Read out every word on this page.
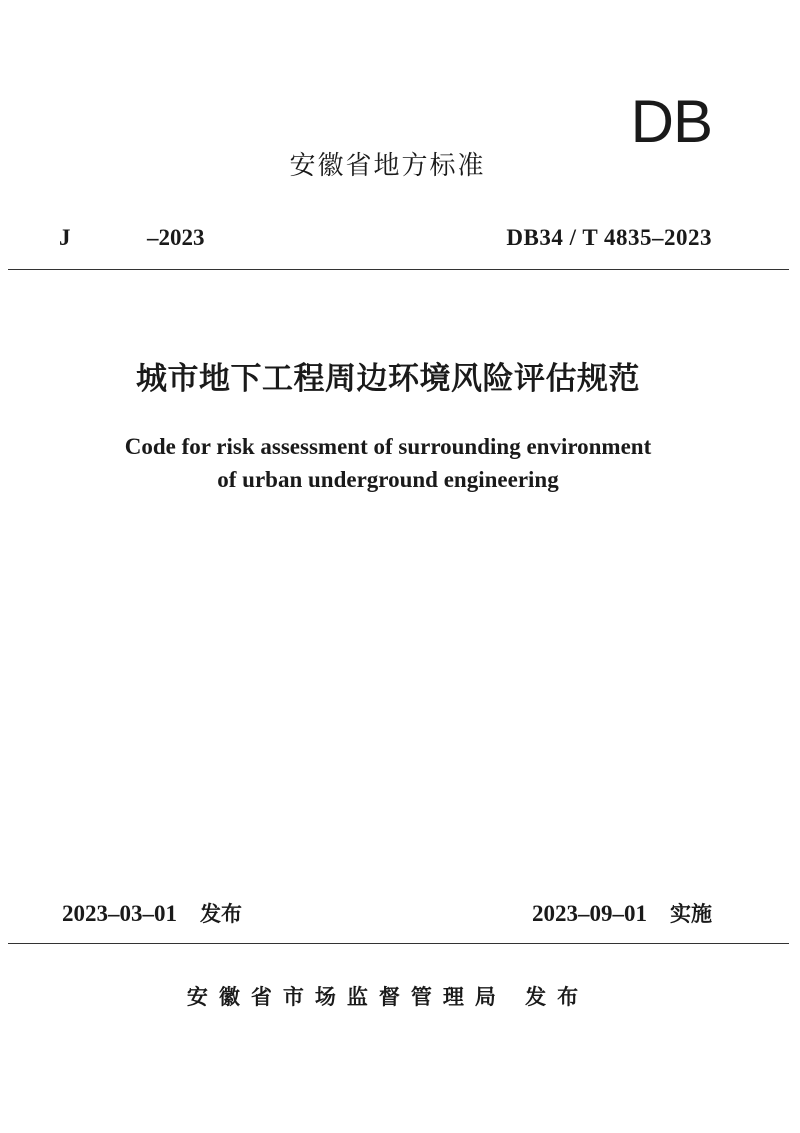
DB
安徽省地方标准
J	–2023	DB34 / T 4835–2023
城市地下工程周边环境风险评估规范
Code for risk assessment of surrounding environment
of urban underground engineering
2023–03–01 发布	2023–09–01 实施
安徽省市场监督管理局 发布
